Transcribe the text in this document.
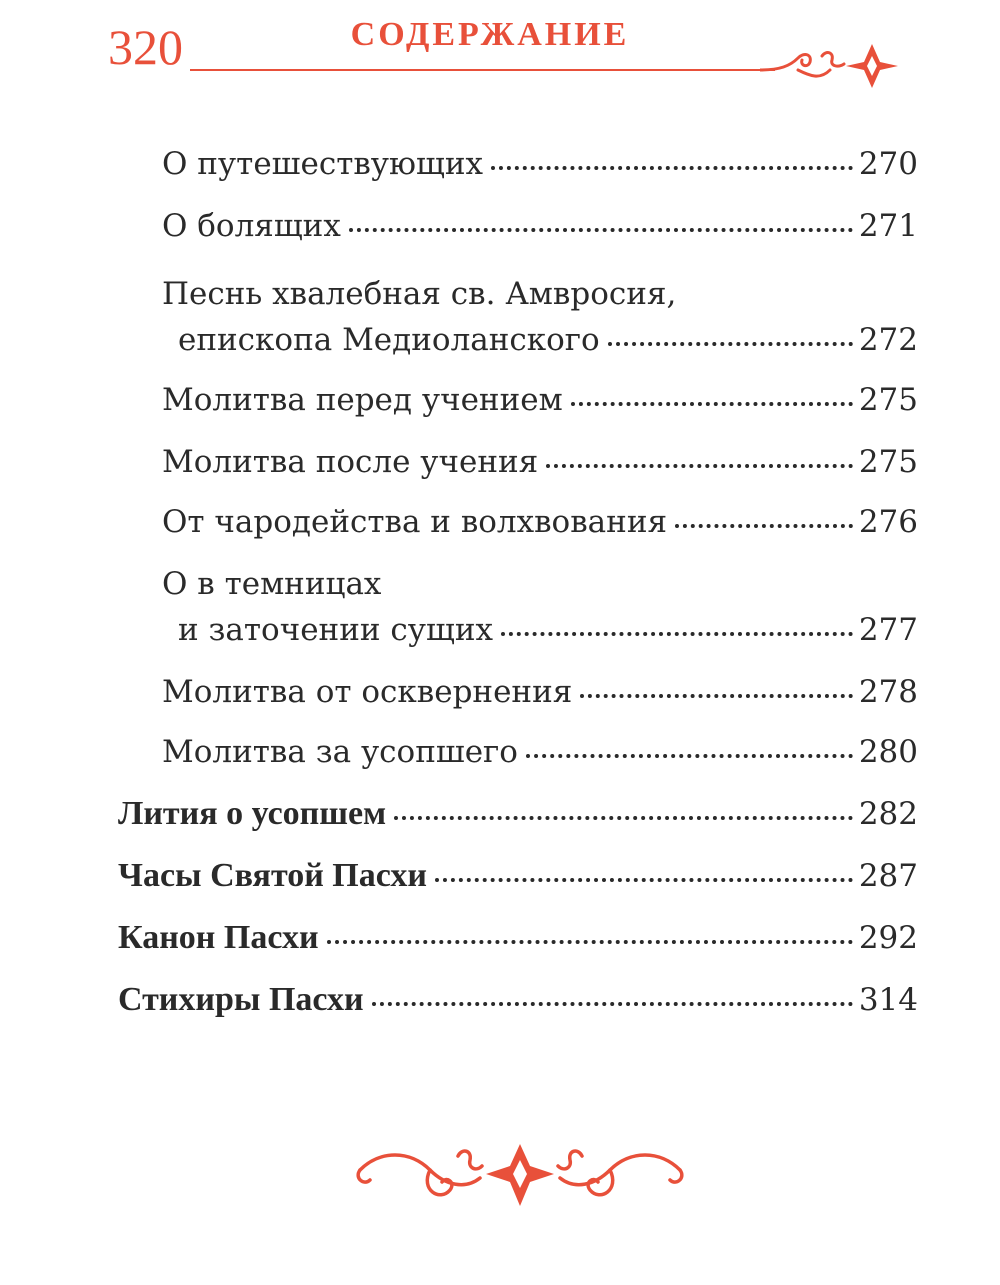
320	СОДЕРЖАНИЕ
О путешествующих	270
О болящих	271
Песнь хвалебная св. Амвросия,
епископа Медиоланского	272
Молитва перед учением	275
Молитва после учения	275
От чародейства и волхвования	276
О в темницах
и заточении сущих	277
Молитва от осквернения	278
Молитва за усопшего	280
Лития о усопшем	282
Часы Святой Пасхи	287
Канон Пасхи	292
Стихиры Пасхи	314
